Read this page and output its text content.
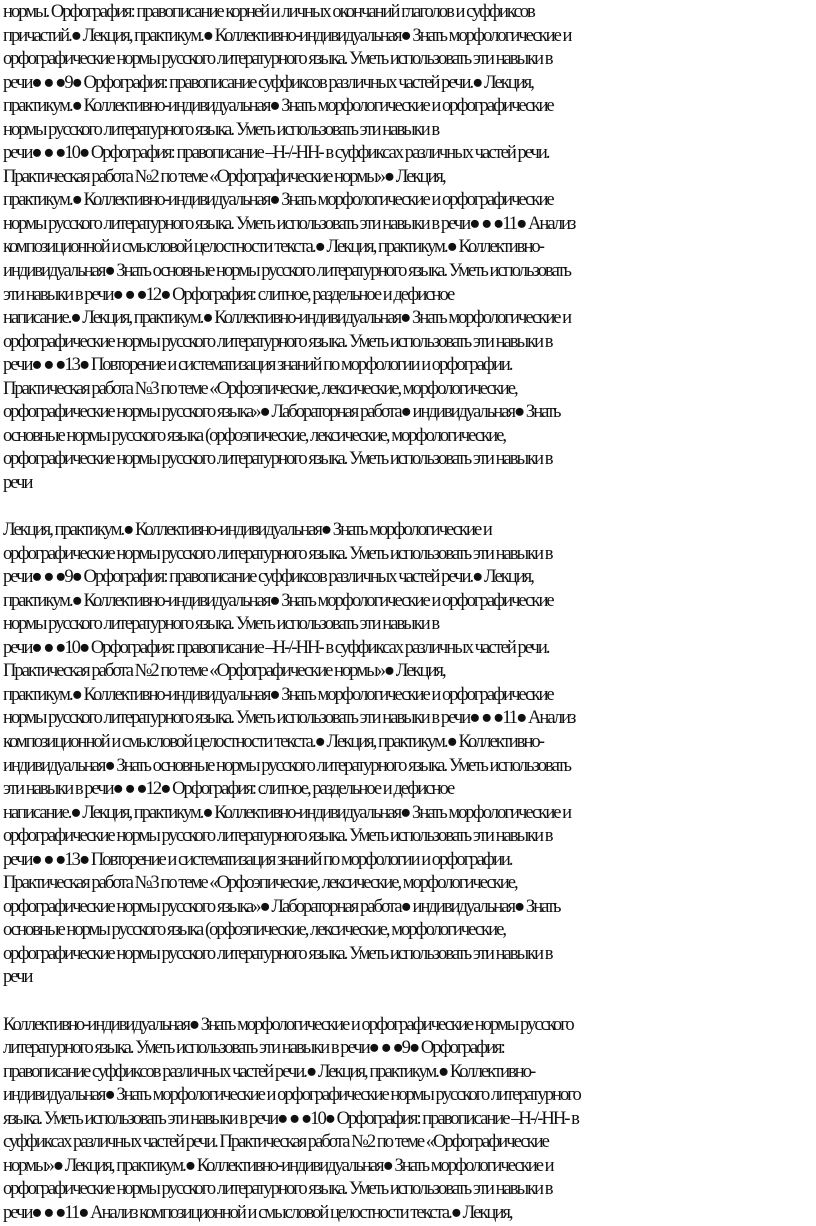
нормы. Орфография: правописание корней и личных окончаний глаголов и суффиксов
причастий.● Лекция, практикум.● Коллективно-индивидуальная● Знать морфологические и
орфографические нормы русского литературного языка. Уметь использовать эти навыки в
речи● ● ●9● Орфография: правописание суффиксов различных частей речи.● Лекция,
практикум.● Коллективно-индивидуальная● Знать морфологические и орфографические
нормы русского литературного языка. Уметь использовать эти навыки в
речи● ● ●10● Орфография: правописание –Н-/-НН- в суффиксах различных частей речи.
Практическая работа №2 по теме «Орфографические нормы»● Лекция,
практикум.● Коллективно-индивидуальная● Знать морфологические и орфографические
нормы русского литературного языка. Уметь использовать эти навыки в речи● ● ●11● Анализ
композиционной и смысловой целостности текста.● Лекция, практикум.● Коллективно-
индивидуальная● Знать основные нормы русского литературного языка. Уметь использовать
эти навыки в речи● ● ●12● Орфография: слитное, раздельное и дефисное
написание.● Лекция, практикум.● Коллективно-индивидуальная● Знать морфологические и
орфографические нормы русского литературного языка. Уметь использовать эти навыки в
речи● ● ●13● Повторение и систематизация знаний по морфологии и орфографии.
Практическая работа №3 по теме «Орфоэпические, лексические, морфологические,
орфографические нормы русского языка»● Лабораторная работа● индивидуальная● Знать
основные нормы русского языка (орфоэпические, лексические, морфологические,
орфографические нормы русского литературного языка. Уметь использовать эти навыки в
речи
Лекция, практикум.● Коллективно-индивидуальная● Знать морфологические и
орфографические нормы русского литературного языка. Уметь использовать эти навыки в
речи● ● ●9● Орфография: правописание суффиксов различных частей речи.● Лекция,
практикум.● Коллективно-индивидуальная● Знать морфологические и орфографические
нормы русского литературного языка. Уметь использовать эти навыки в
речи● ● ●10● Орфография: правописание –Н-/-НН- в суффиксах различных частей речи.
Практическая работа №2 по теме «Орфографические нормы»● Лекция,
практикум.● Коллективно-индивидуальная● Знать морфологические и орфографические
нормы русского литературного языка. Уметь использовать эти навыки в речи● ● ●11● Анализ
композиционной и смысловой целостности текста.● Лекция, практикум.● Коллективно-
индивидуальная● Знать основные нормы русского литературного языка. Уметь использовать
эти навыки в речи● ● ●12● Орфография: слитное, раздельное и дефисное
написание.● Лекция, практикум.● Коллективно-индивидуальная● Знать морфологические и
орфографические нормы русского литературного языка. Уметь использовать эти навыки в
речи● ● ●13● Повторение и систематизация знаний по морфологии и орфографии.
Практическая работа №3 по теме «Орфоэпические, лексические, морфологические,
орфографические нормы русского языка»● Лабораторная работа● индивидуальная● Знать
основные нормы русского языка (орфоэпические, лексические, морфологические,
орфографические нормы русского литературного языка. Уметь использовать эти навыки в
речи
Коллективно-индивидуальная● Знать морфологические и орфографические нормы русского
литературного языка. Уметь использовать эти навыки в речи● ● ●9● Орфография:
правописание суффиксов различных частей речи.● Лекция, практикум.● Коллективно-
индивидуальная● Знать морфологические и орфографические нормы русского литературного
языка. Уметь использовать эти навыки в речи● ● ●10● Орфография: правописание –Н-/-НН- в
суффиксах различных частей речи. Практическая работа №2 по теме «Орфографические
нормы»● Лекция, практикум.● Коллективно-индивидуальная● Знать морфологические и
орфографические нормы русского литературного языка. Уметь использовать эти навыки в
речи● ● ●11● Анализ композиционной и смысловой целостности текста.● Лекция,
